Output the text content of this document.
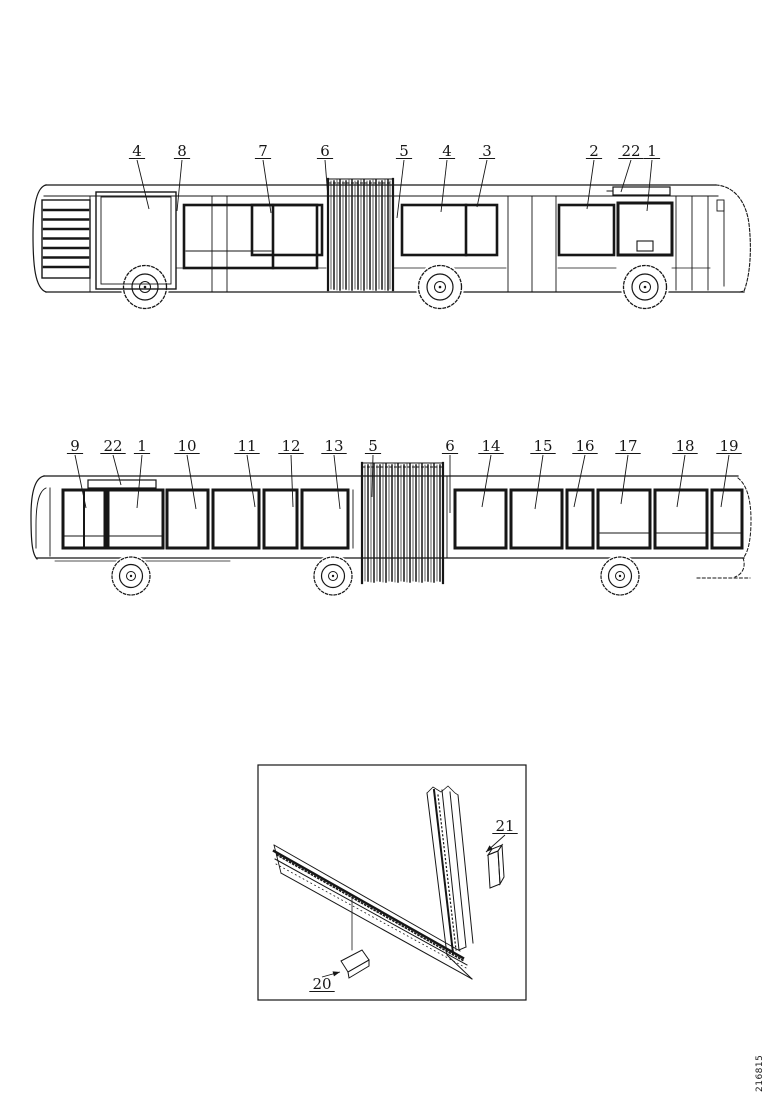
4 8	7	6	5 4 3	2 22 1
9 22 1 10	11 12 13 5	6 14 15 16 17	18 19
21
20
216815
